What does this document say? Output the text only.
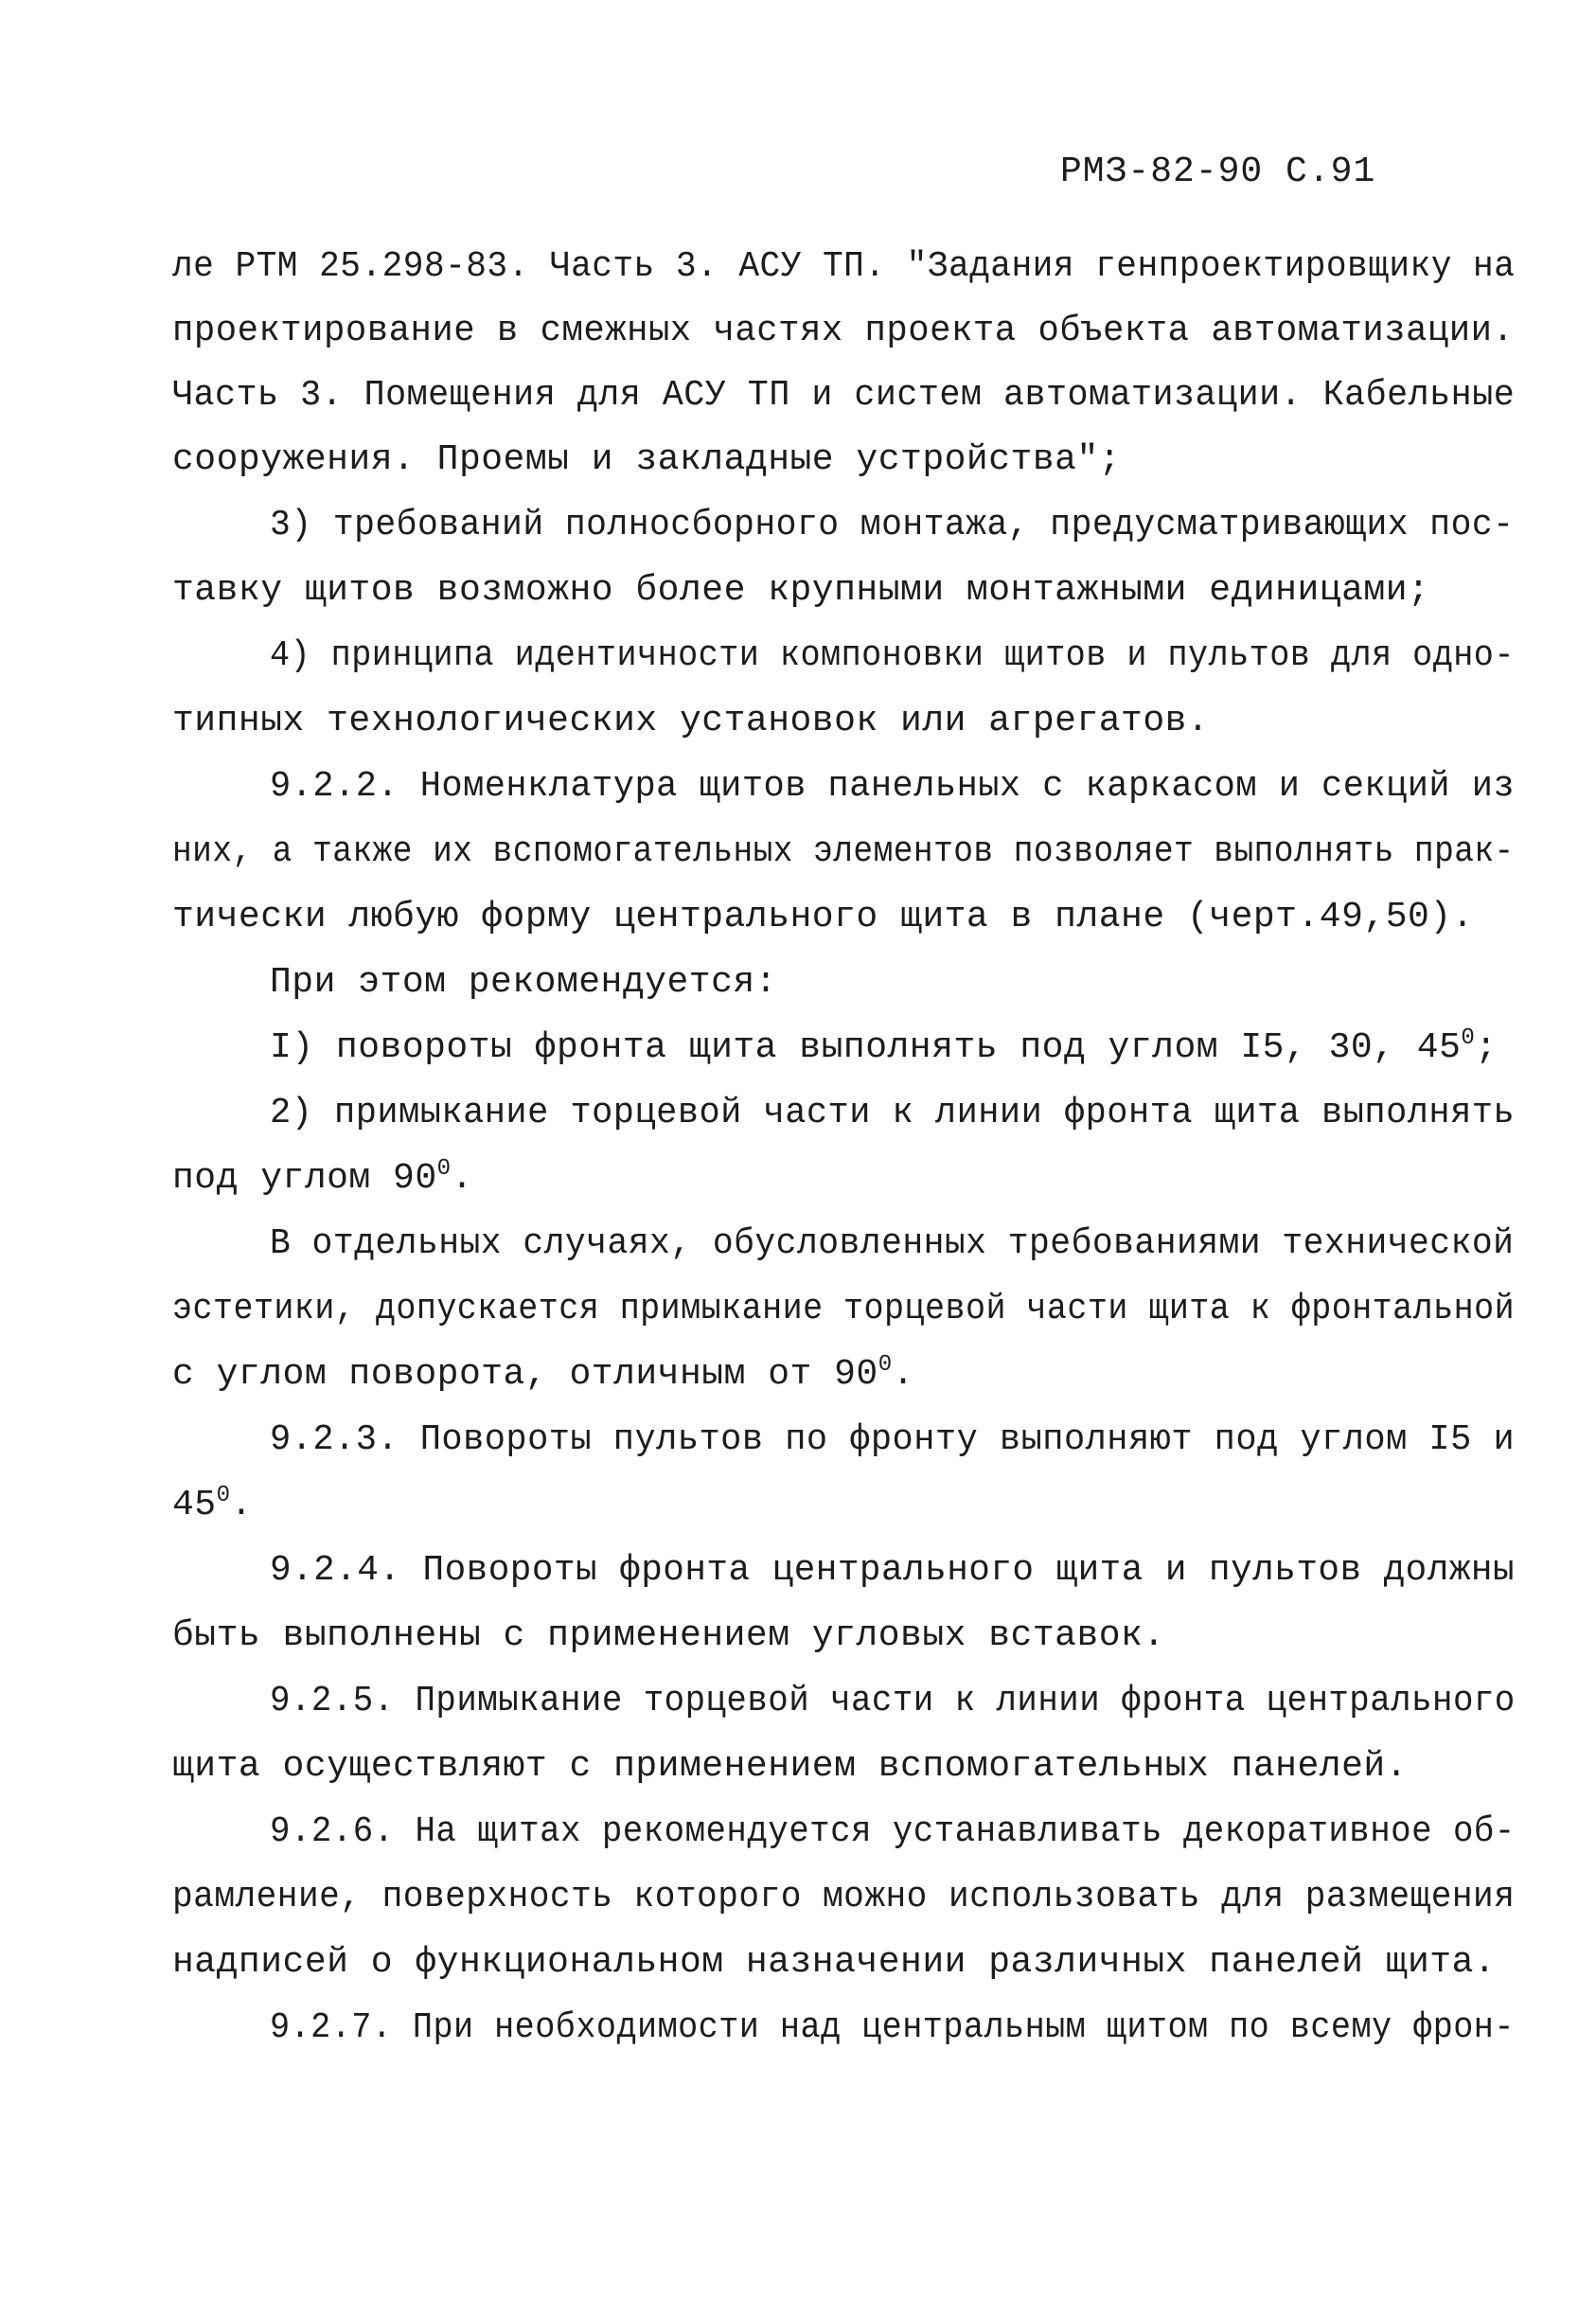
РМЗ-82-90 С.91
ле РТМ 25.298-83. Часть 3. АСУ ТП. "Задания генпроектировщику на
проектирование в смежных частях проекта объекта автоматизации.
Часть 3. Помещения для АСУ ТП и систем автоматизации. Кабельные
сооружения. Проемы и закладные устройства";
3) требований полносборного монтажа, предусматривающих пос-
тавку щитов возможно более крупными монтажными единицами;
4) принципа идентичности компоновки щитов и пультов для одно-
типных технологических установок или агрегатов.
9.2.2. Номенклатура щитов панельных с каркасом и секций из
них, а также их вспомогательных элементов позволяет выполнять прак-
тически любую форму центрального щита в плане (черт.49,50).
При этом рекомендуется:
I) повороты фронта щита выполнять под углом I5, 30, $45^0$;
2) примыкание торцевой части к линии фронта щита выполнять
под углом $90^0$.
В отдельных случаях, обусловленных требованиями технической
эстетики, допускается примыкание торцевой части щита к фронтальной
с углом поворота, отличным от $90^0$.
9.2.3. Повороты пультов по фронту выполняют под углом I5 и
$45^0$.
9.2.4. Повороты фронта центрального щита и пультов должны
быть выполнены с применением угловых вставок.
9.2.5. Примыкание торцевой части к линии фронта центрального
щита осуществляют с применением вспомогательных панелей.
9.2.6. На щитах рекомендуется устанавливать декоративное об-
рамление, поверхность которого можно использовать для размещения
надписей о функциональном назначении различных панелей щита.
9.2.7. При необходимости над центральным щитом по всему фрон-
